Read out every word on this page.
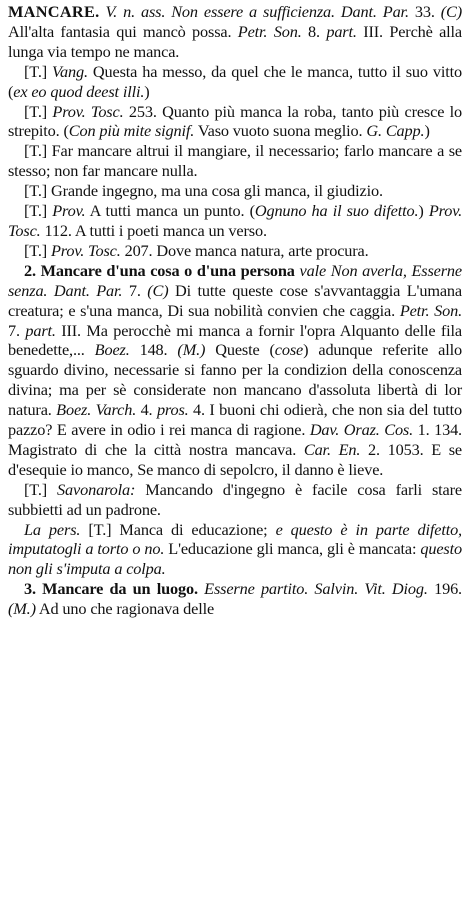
MANCARE. V. n. ass. Non essere a sufficienza. Dant. Par. 33. (C) All'alta fantasia qui mancò possa. Petr. Son. 8. part. III. Perchè alla lunga via tempo ne manca.

[T.] Vang. Questa ha messo, da quel che le manca, tutto il suo vitto (ex eo quod deest illi.)

[T.] Prov. Tosc. 253. Quanto più manca la roba, tanto più cresce lo strepito. (Con più mite signif. Vaso vuoto suona meglio. G. Capp.)

[T.] Far mancare altrui il mangiare, il necessario; farlo mancare a se stesso; non far mancare nulla.

[T.] Grande ingegno, ma una cosa gli manca, il giudizio.

[T.] Prov. A tutti manca un punto. (Ognuno ha il suo difetto.) Prov. Tosc. 112. A tutti i poeti manca un verso.

[T.] Prov. Tosc. 207. Dove manca natura, arte procura.

2. Mancare d'una cosa o d'una persona vale Non averla, Esserne senza. Dant. Par. 7. (C) Di tutte queste cose s'avvantaggia L'umana creatura; e s'una manca, Di sua nobilità convien che caggia. Petr. Son. 7. part. III. Ma perocchè mi manca a fornir l'opra Alquanto delle fila benedette,... Boez. 148. (M.) Queste (cose) adunque referite allo sguardo divino, necessarie si fanno per la condizion della conoscenza divina; ma per sè considerate non mancano d'assoluta libertà di lor natura. Boez. Varch. 4. pros. 4. I buoni chi odierà, che non sia del tutto pazzo? E avere in odio i rei manca di ragione. Dav. Oraz. Cos. 1. 134. Magistrato di che la città nostra mancava. Car. En. 2. 1053. E se d'esequie io manco, Se manco di sepolcro, il danno è lieve.

[T.] Savonarola: Mancando d'ingegno è facile cosa farli stare subbietti ad un padrone.

La pers. [T.] Manca di educazione; e questo è in parte difetto, imputatogli a torto o no. L'educazione gli manca, gli è mancata: questo non gli s'imputa a colpa.

3. Mancare da un luogo. Esserne partito. Salvin. Vit. Diog. 196. (M.) Ad uno che ragionava delle
